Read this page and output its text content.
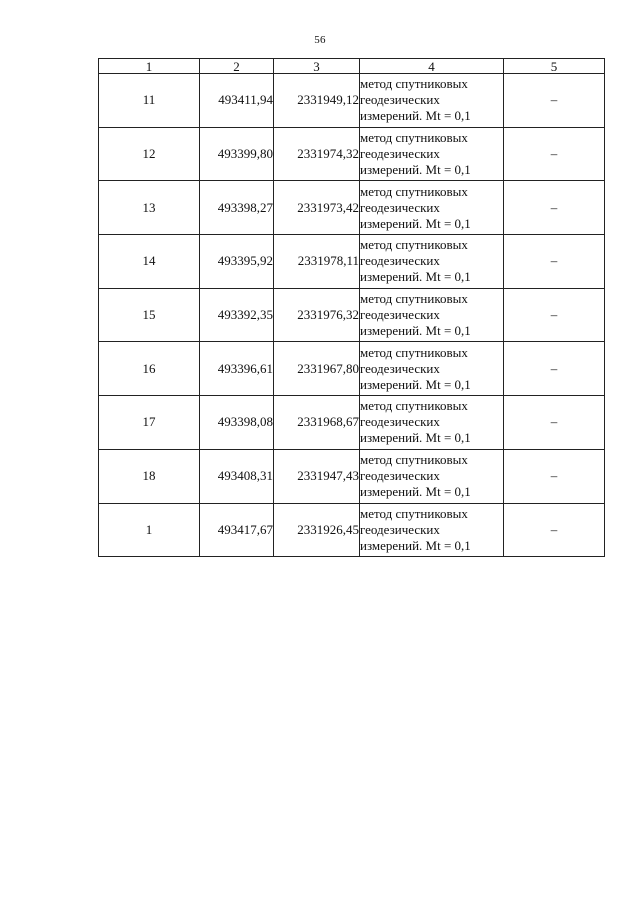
56
1	2	3	4	5
11	493411,94	2331949,12	метод спутниковых
геодезических
измерений. Mt = 0,1	–
12	493399,80	2331974,32	метод спутниковых
геодезических
измерений. Mt = 0,1	–
13	493398,27	2331973,42	метод спутниковых
геодезических
измерений. Mt = 0,1	–
14	493395,92	2331978,11	метод спутниковых
геодезических
измерений. Mt = 0,1	–
15	493392,35	2331976,32	метод спутниковых
геодезических
измерений. Mt = 0,1	–
16	493396,61	2331967,80	метод спутниковых
геодезических
измерений. Mt = 0,1	–
17	493398,08	2331968,67	метод спутниковых
геодезических
измерений. Mt = 0,1	–
18	493408,31	2331947,43	метод спутниковых
геодезических
измерений. Mt = 0,1	–
1	493417,67	2331926,45	метод спутниковых
геодезических
измерений. Mt = 0,1	–
